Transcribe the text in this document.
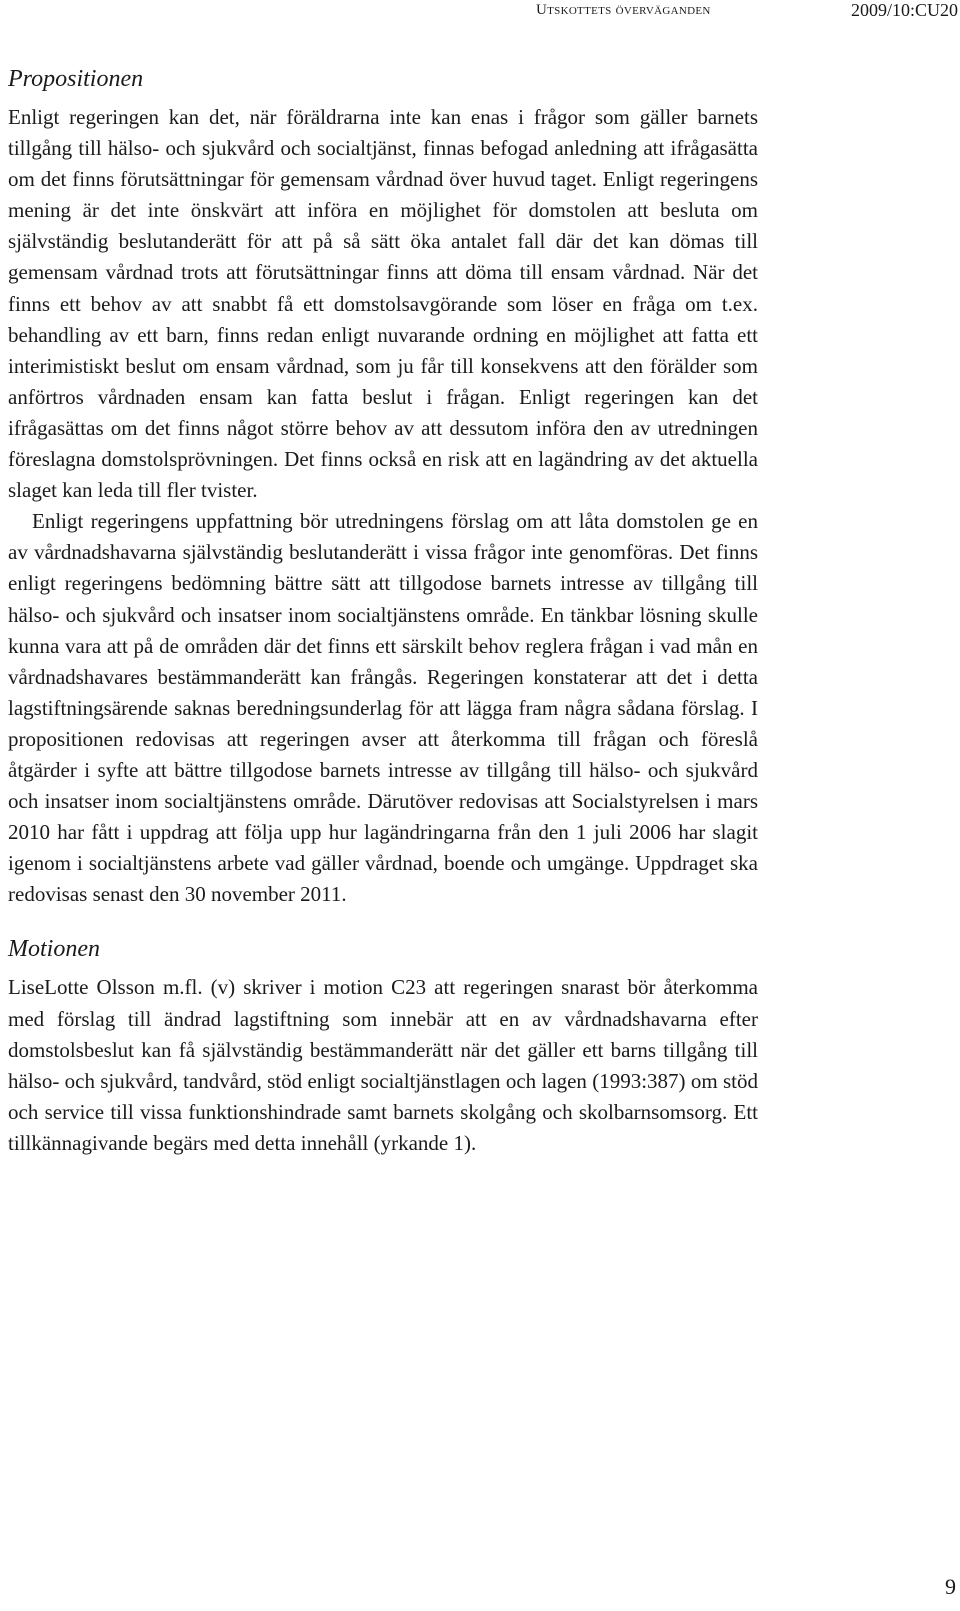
Utskottets överväganden	2009/10:CU20
Propositionen

Enligt regeringen kan det, när föräldrarna inte kan enas i frågor som gäller barnets tillgång till hälso- och sjukvård och socialtjänst, finnas befogad anledning att ifrågasätta om det finns förutsättningar för gemensam vårdnad över huvud taget. Enligt regeringens mening är det inte önskvärt att införa en möjlighet för domstolen att besluta om självständig beslutanderätt för att på så sätt öka antalet fall där det kan dömas till gemensam vårdnad trots att förutsättningar finns att döma till ensam vårdnad. När det finns ett behov av att snabbt få ett domstolsavgörande som löser en fråga om t.ex. behandling av ett barn, finns redan enligt nuvarande ordning en möjlighet att fatta ett interimistiskt beslut om ensam vårdnad, som ju får till konsekvens att den förälder som anförtros vårdnaden ensam kan fatta beslut i frågan. Enligt regeringen kan det ifrågasättas om det finns något större behov av att dessutom införa den av utredningen föreslagna domstolsprövningen. Det finns också en risk att en lagändring av det aktuella slaget kan leda till fler tvister.

Enligt regeringens uppfattning bör utredningens förslag om att låta domstolen ge en av vårdnadshavarna självständig beslutanderätt i vissa frågor inte genomföras. Det finns enligt regeringens bedömning bättre sätt att tillgodose barnets intresse av tillgång till hälso- och sjukvård och insatser inom socialtjänstens område. En tänkbar lösning skulle kunna vara att på de områden där det finns ett särskilt behov reglera frågan i vad mån en vårdnadshavares bestämmanderätt kan frångås. Regeringen konstaterar att det i detta lagstiftningsärende saknas beredningsunderlag för att lägga fram några sådana förslag. I propositionen redovisas att regeringen avser att återkomma till frågan och föreslå åtgärder i syfte att bättre tillgodose barnets intresse av tillgång till hälso- och sjukvård och insatser inom socialtjänstens område. Därutöver redovisas att Socialstyrelsen i mars 2010 har fått i uppdrag att följa upp hur lagändringarna från den 1 juli 2006 har slagit igenom i socialtjänstens arbete vad gäller vårdnad, boende och umgänge. Uppdraget ska redovisas senast den 30 november 2011.

Motionen

LiseLotte Olsson m.fl. (v) skriver i motion C23 att regeringen snarast bör återkomma med förslag till ändrad lagstiftning som innebär att en av vårdnadshavarna efter domstolsbeslut kan få självständig bestämmanderätt när det gäller ett barns tillgång till hälso- och sjukvård, tandvård, stöd enligt socialtjänstlagen och lagen (1993:387) om stöd och service till vissa funktionshindrade samt barnets skolgång och skolbarnsomsorg. Ett tillkännagivande begärs med detta innehåll (yrkande 1).

9
